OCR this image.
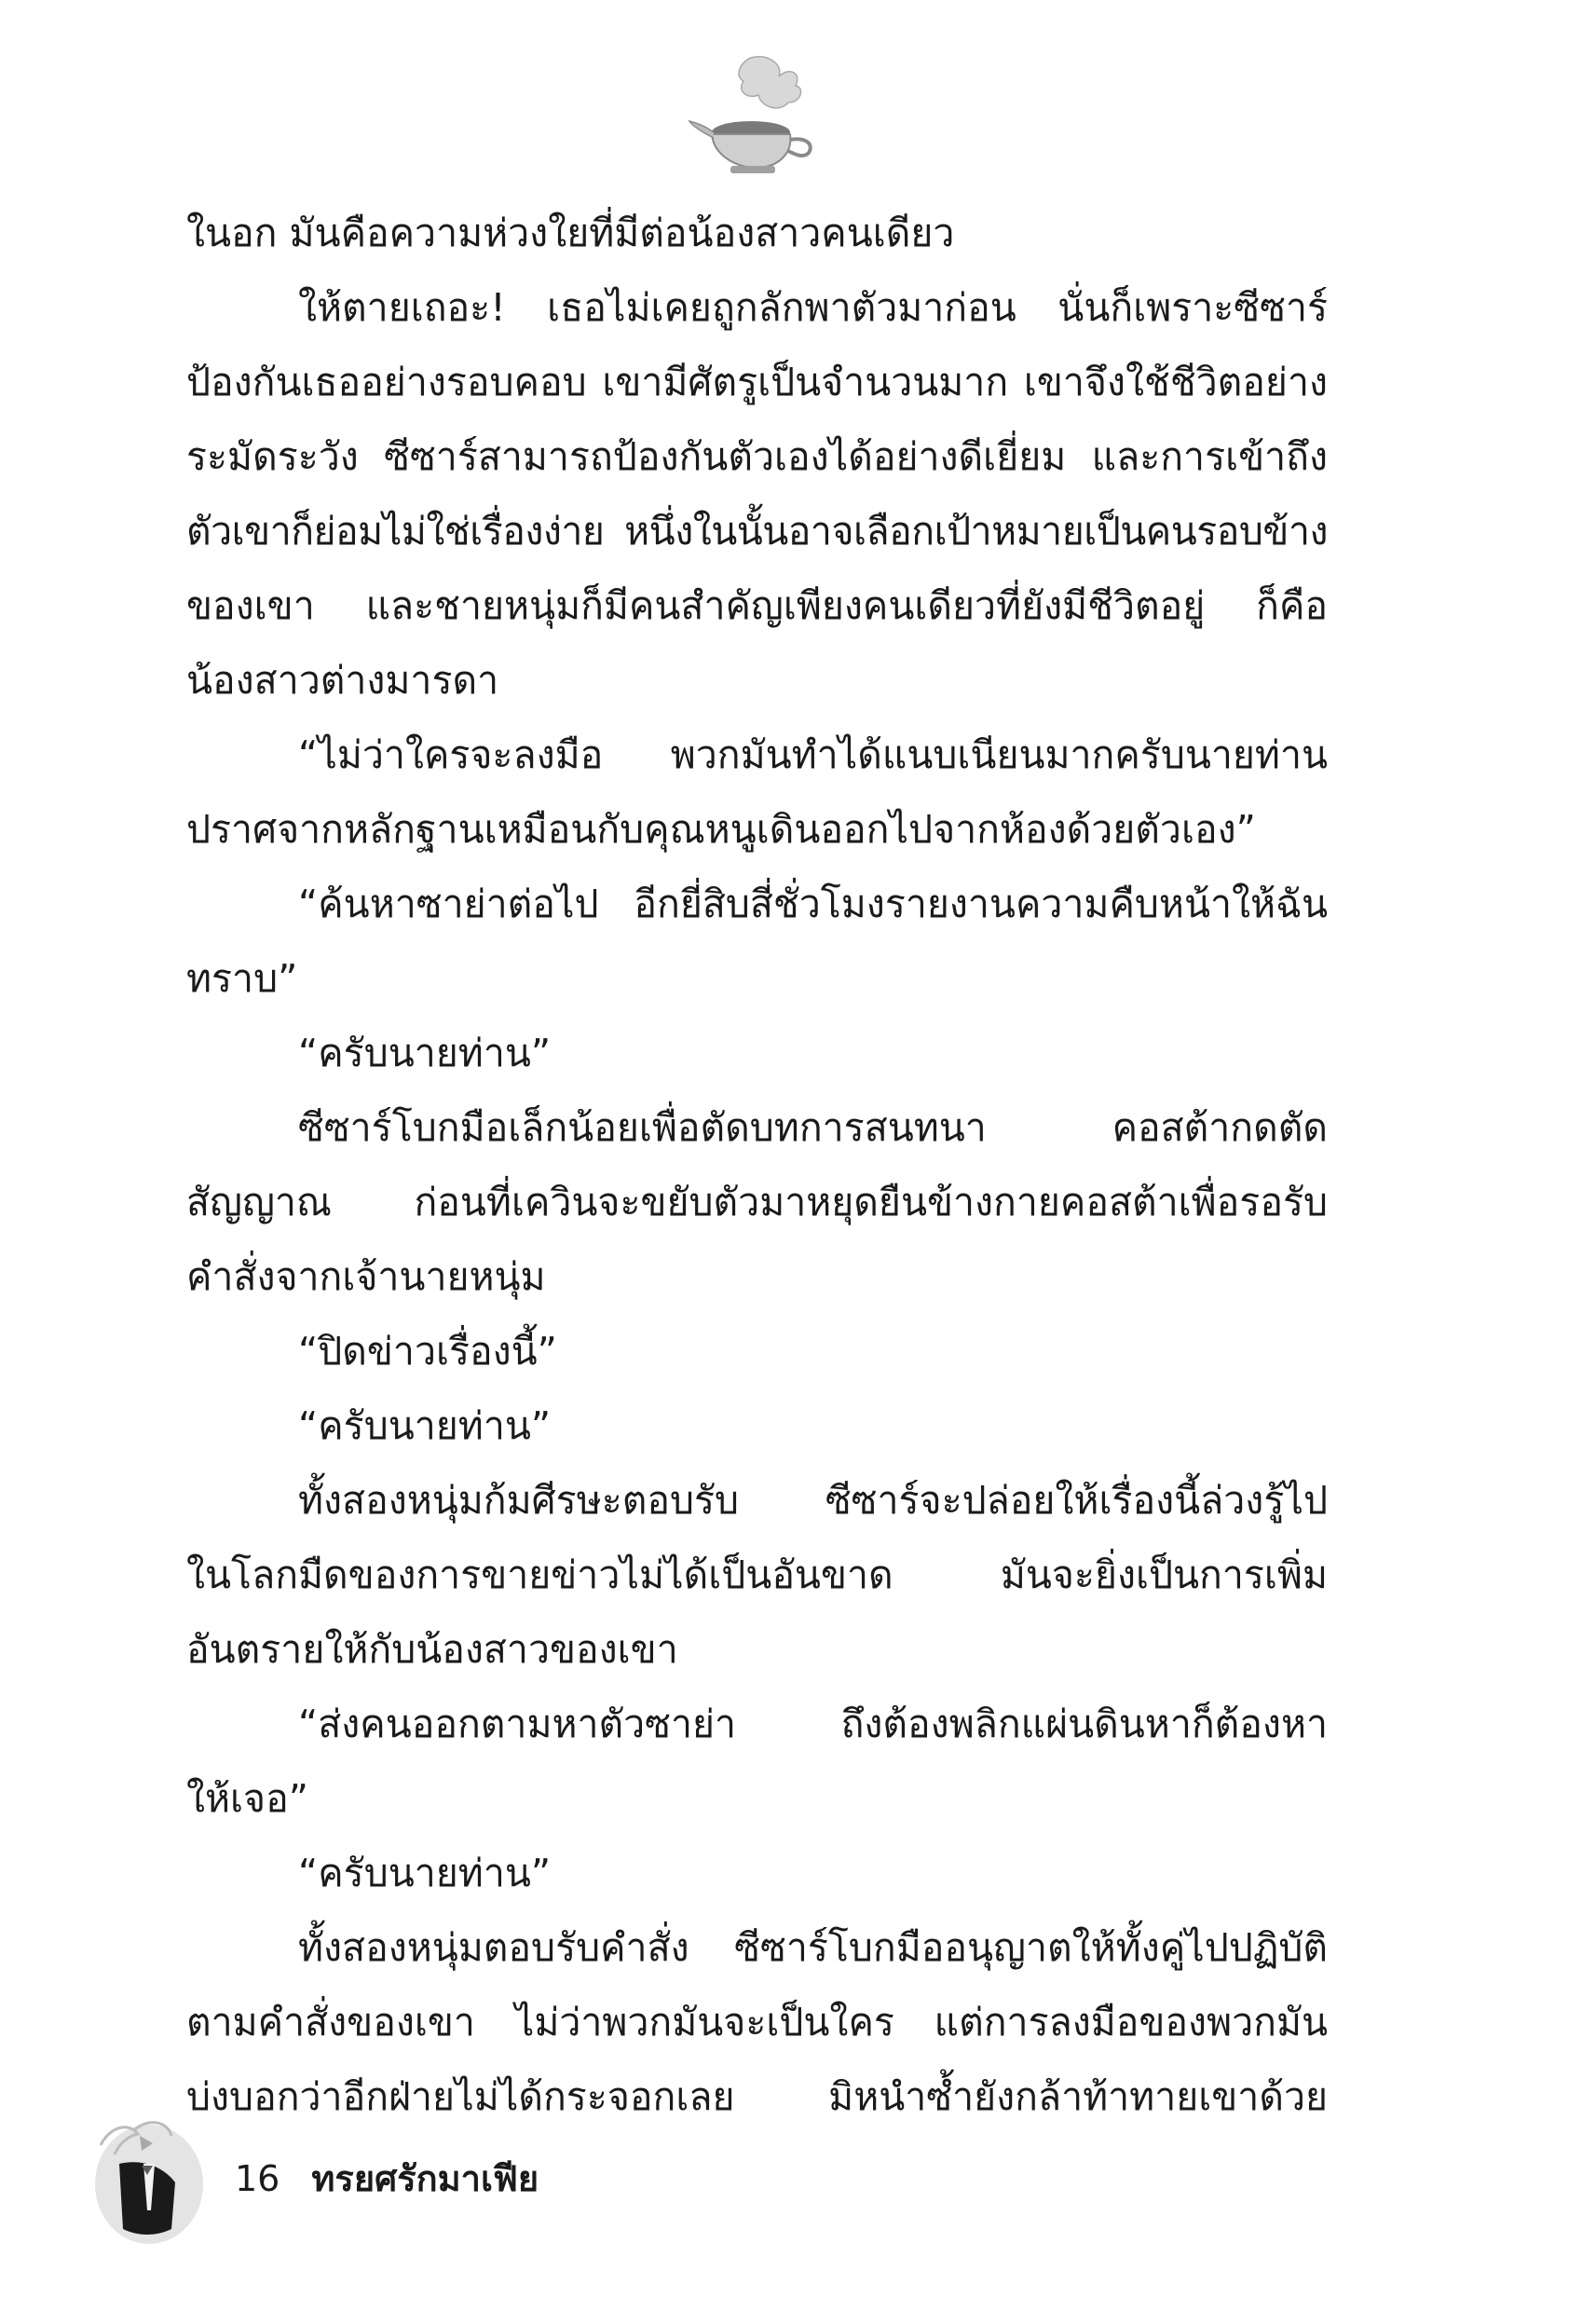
ในอก มันคือความห่วงใยที่มีต่อน้องสาวคนเดียว
ให้ตายเถอะ! เธอไม่เคยถูกลักพาตัวมาก่อน นั่นก็เพราะซีซาร์
ป้องกันเธออย่างรอบคอบ เขามีศัตรูเป็นจำนวนมาก เขาจึงใช้ชีวิตอย่าง
ระมัดระวัง ซีซาร์สามารถป้องกันตัวเองได้อย่างดีเยี่ยม และการเข้าถึง
ตัวเขาก็ย่อมไม่ใช่เรื่องง่าย หนึ่งในนั้นอาจเลือกเป้าหมายเป็นคนรอบข้าง
ของเขา และชายหนุ่มก็มีคนสำคัญเพียงคนเดียวที่ยังมีชีวิตอยู่ ก็คือ
น้องสาวต่างมารดา
“ไม่ว่าใครจะลงมือ พวกมันทำได้แนบเนียนมากครับนายท่าน
ปราศจากหลักฐานเหมือนกับคุณหนูเดินออกไปจากห้องด้วยตัวเอง”
“ค้นหาซาย่าต่อไป อีกยี่สิบสี่ชั่วโมงรายงานความคืบหน้าให้ฉัน
ทราบ”
“ครับนายท่าน”
ซีซาร์โบกมือเล็กน้อยเพื่อตัดบทการสนทนา คอสต้ากดตัด
สัญญาณ ก่อนที่เควินจะขยับตัวมาหยุดยืนข้างกายคอสต้าเพื่อรอรับ
คำสั่งจากเจ้านายหนุ่ม
“ปิดข่าวเรื่องนี้”
“ครับนายท่าน”
ทั้งสองหนุ่มก้มศีรษะตอบรับ ซีซาร์จะปล่อยให้เรื่องนี้ล่วงรู้ไป
ในโลกมืดของการขายข่าวไม่ได้เป็นอันขาด มันจะยิ่งเป็นการเพิ่ม
อันตรายให้กับน้องสาวของเขา
“ส่งคนออกตามหาตัวซาย่า ถึงต้องพลิกแผ่นดินหาก็ต้องหา
ให้เจอ”
“ครับนายท่าน”
ทั้งสองหนุ่มตอบรับคำสั่ง ซีซาร์โบกมืออนุญาตให้ทั้งคู่ไปปฏิบัติ
ตามคำสั่งของเขา ไม่ว่าพวกมันจะเป็นใคร แต่การลงมือของพวกมัน
บ่งบอกว่าอีกฝ่ายไม่ได้กระจอกเลย มิหนำซ้ำยังกล้าท้าทายเขาด้วย
16 ทรยศรักมาเฟีย
